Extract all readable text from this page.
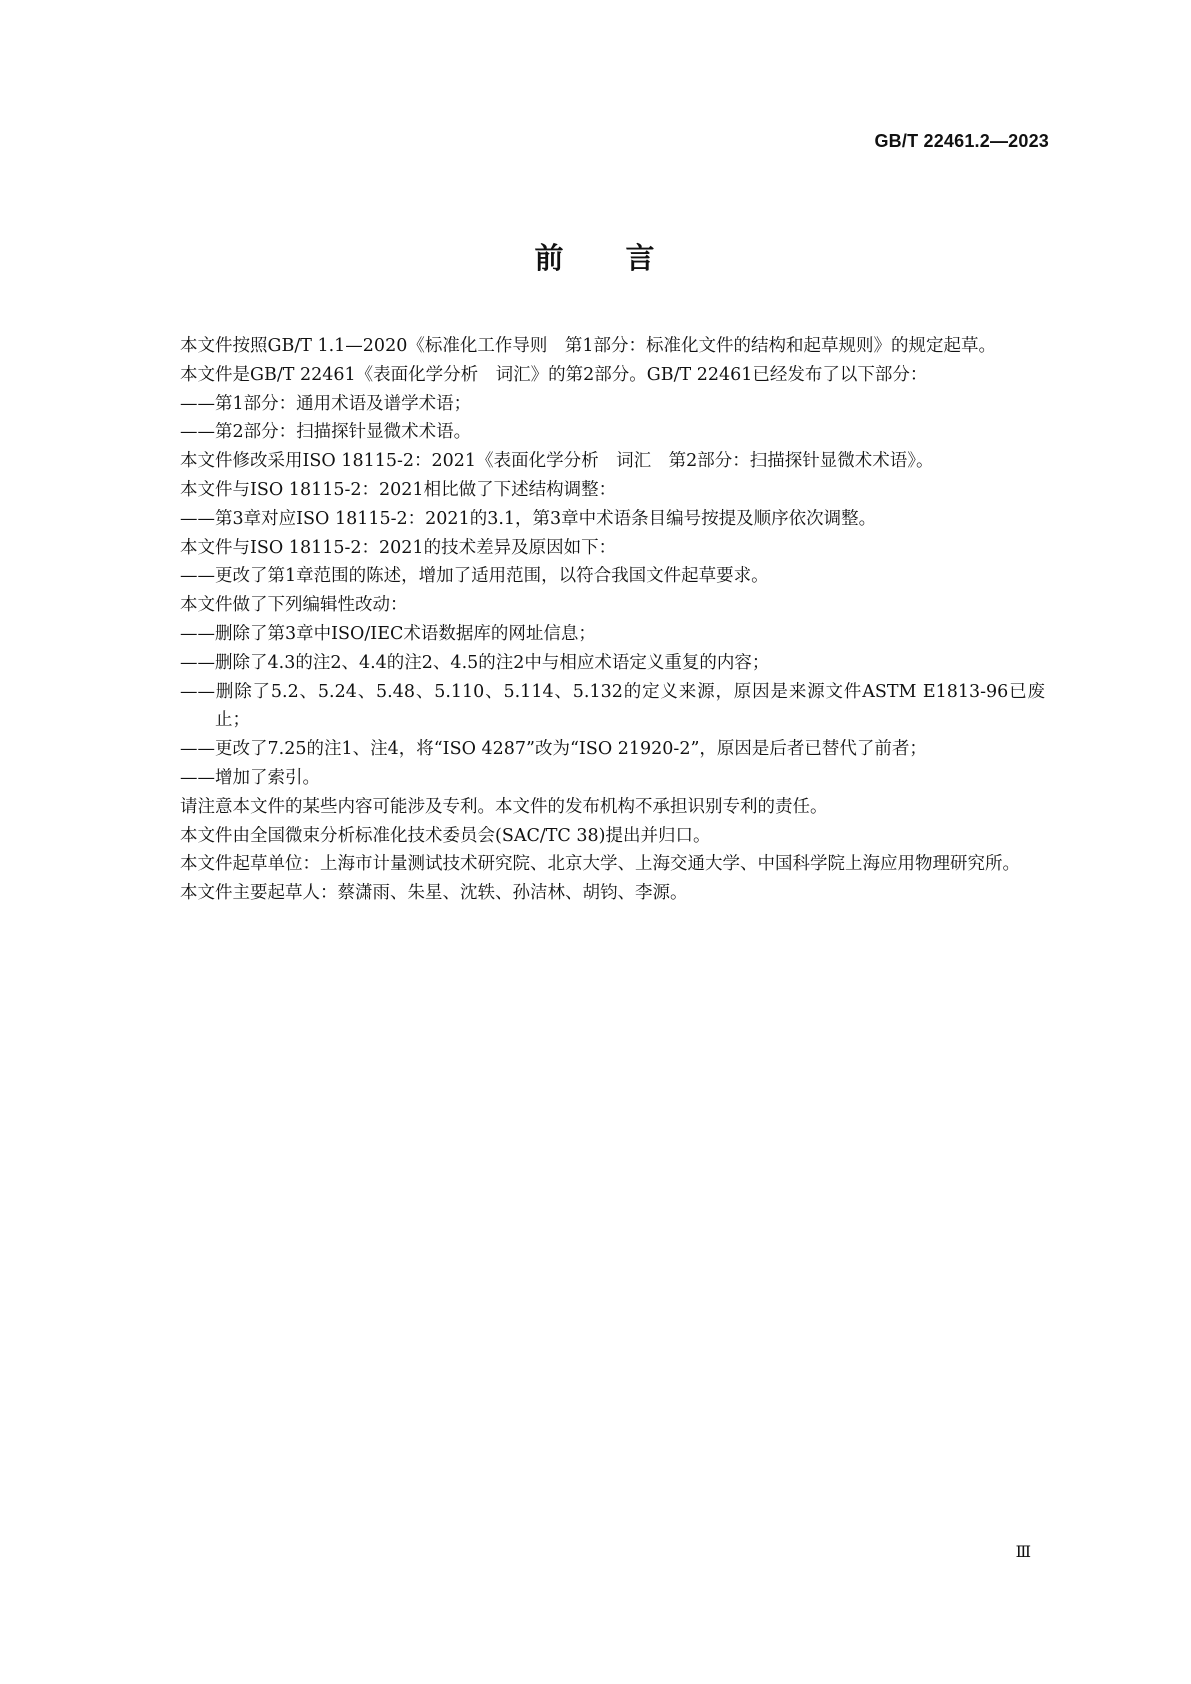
GB/T 22461.2—2023
前 言

本文件按照GB/T 1.1—2020《标准化工作导则　第1部分：标准化文件的结构和起草规则》的规定起草。

本文件是GB/T 22461《表面化学分析　词汇》的第2部分。GB/T 22461已经发布了以下部分：

——第1部分：通用术语及谱学术语；

——第2部分：扫描探针显微术术语。

本文件修改采用ISO 18115-2：2021《表面化学分析　词汇　第2部分：扫描探针显微术术语》。

本文件与ISO 18115-2：2021相比做了下述结构调整：

——第3章对应ISO 18115-2：2021的3.1，第3章中术语条目编号按提及顺序依次调整。

本文件与ISO 18115-2：2021的技术差异及原因如下：

——更改了第1章范围的陈述，增加了适用范围，以符合我国文件起草要求。

本文件做了下列编辑性改动：

——删除了第3章中ISO/IEC术语数据库的网址信息；

——删除了4.3的注2、4.4的注2、4.5的注2中与相应术语定义重复的内容；

——删除了5.2、5.24、5.48、5.110、5.114、5.132的定义来源，原因是来源文件ASTM E1813-96已废止；

——更改了7.25的注1、注4，将“ISO 4287”改为“ISO 21920-2”，原因是后者已替代了前者；

——增加了索引。

请注意本文件的某些内容可能涉及专利。本文件的发布机构不承担识别专利的责任。

本文件由全国微束分析标准化技术委员会(SAC/TC 38)提出并归口。

本文件起草单位：上海市计量测试技术研究院、北京大学、上海交通大学、中国科学院上海应用物理研究所。

本文件主要起草人：蔡潇雨、朱星、沈轶、孙洁林、胡钧、李源。

Ⅲ
